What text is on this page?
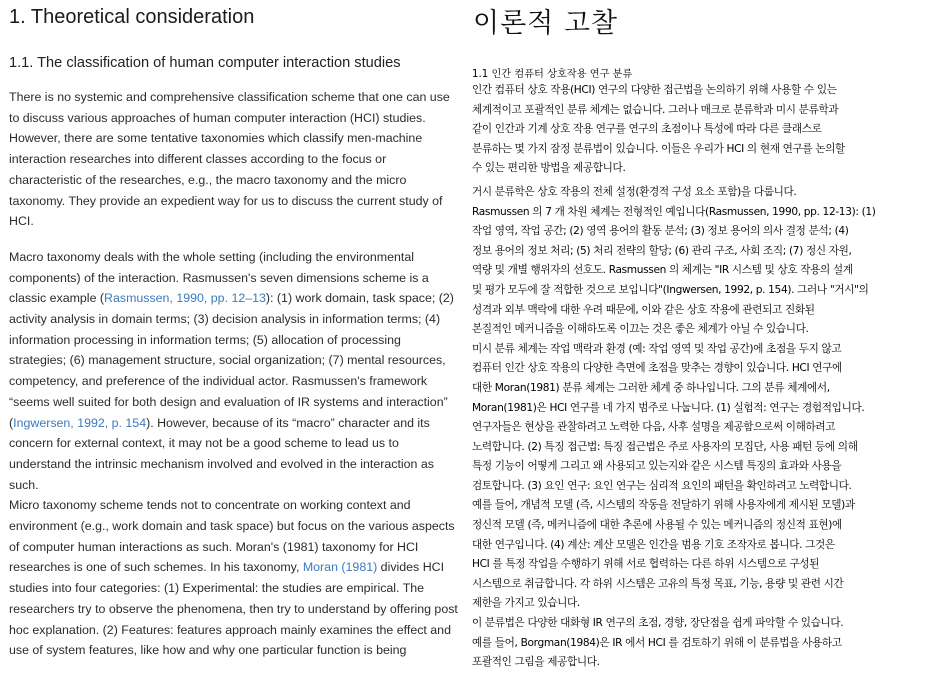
1. Theoretical consideration
1.1. The classification of human computer interaction studies

There is no systemic and comprehensive classification scheme that one can use to discuss various approaches of human computer interaction (HCI) studies. However, there are some tentative taxonomies which classify men-machine interaction researches into different classes according to the focus or characteristic of the researches, e.g., the macro taxonomy and the micro taxonomy. They provide an expedient way for us to discuss the current study of HCI.

Macro taxonomy deals with the whole setting (including the environmental components) of the interaction. Rasmussen's seven dimensions scheme is a classic example (Rasmussen, 1990, pp. 12–13): (1) work domain, task space; (2) activity analysis in domain terms; (3) decision analysis in information terms; (4) information processing in information terms; (5) allocation of processing strategies; (6) management structure, social organization; (7) mental resources, competency, and preference of the individual actor. Rasmussen's framework “seems well suited for both design and evaluation of IR systems and interaction” (Ingwersen, 1992, p. 154). However, because of its “macro” character and its concern for external context, it may not be a good scheme to lead us to understand the intrinsic mechanism involved and evolved in the interaction as such.

Micro taxonomy scheme tends not to concentrate on working context and environment (e.g., work domain and task space) but focus on the various aspects of computer human interactions as such. Moran's (1981) taxonomy for HCI researches is one of such schemes. In his taxonomy, Moran (1981) divides HCI studies into four categories: (1) Experimental: the studies are empirical. The researchers try to observe the phenomena, then try to understand by offering post hoc explanation. (2) Features: features approach mainly examines the effect and use of system features, like how and why one particular function is being

이론적 고찰
1.1 인간 컴퓨터 상호작용 연구 분류
인간 컴퓨터 상호 작용(HCI) 연구의 다양한 접근법을 논의하기 위해 사용할 수 있는
체계적이고 포괄적인 분류 체계는 없습니다. 그러나 매크로 분류학과 미시 분류학과
같이 인간과 기계 상호 작용 연구를 연구의 초점이나 특성에 따라 다른 클래스로
분류하는 몇 가지 잠정 분류법이 있습니다. 이들은 우리가 HCI 의 현재 연구를 논의할
수 있는 편리한 방법을 제공합니다.
거시 분류학은 상호 작용의 전체 설정(환경적 구성 요소 포함)을 다룹니다.
Rasmussen 의 7 개 차원 체계는 전형적인 예입니다(Rasmussen, 1990, pp. 12-13): (1)
작업 영역, 작업 공간; (2) 영역 용어의 활동 분석; (3) 정보 용어의 의사 결정 분석; (4)
정보 용어의 정보 처리; (5) 처리 전략의 할당; (6) 관리 구조, 사회 조직; (7) 정신 자원,
역량 및 개별 행위자의 선호도. Rasmussen 의 체계는 "IR 시스템 및 상호 작용의 설계
및 평가 모두에 잘 적합한 것으로 보입니다"(Ingwersen, 1992, p. 154). 그러나 "거시"의
성격과 외부 맥락에 대한 우려 때문에, 이와 같은 상호 작용에 관련되고 진화된
본질적인 메커니즘을 이해하도록 이끄는 것은 좋은 체계가 아닐 수 있습니다.
미시 분류 체계는 작업 맥락과 환경 (예: 작업 영역 및 작업 공간)에 초점을 두지 않고
컴퓨터 인간 상호 작용의 다양한 측면에 초점을 맞추는 경향이 있습니다. HCI 연구에
대한 Moran(1981) 분류 체계는 그러한 체계 중 하나입니다. 그의 분류 체계에서,
Moran(1981)은 HCI 연구를 네 가지 범주로 나눕니다. (1) 실험적: 연구는 경험적입니다.
연구자들은 현상을 관찰하려고 노력한 다음, 사후 설명을 제공함으로써 이해하려고
노력합니다. (2) 특징 접근법: 특징 접근법은 주로 사용자의 모집단, 사용 패턴 등에 의해
특정 기능이 어떻게 그리고 왜 사용되고 있는지와 같은 시스템 특징의 효과와 사용을
검토합니다. (3) 요인 연구: 요인 연구는 심리적 요인의 패턴을 확인하려고 노력합니다.
예를 들어, 개념적 모델 (즉, 시스템의 작동을 전달하기 위해 사용자에게 제시된 모델)과
정신적 모델 (즉, 메커니즘에 대한 추론에 사용될 수 있는 메커니즘의 정신적 표현)에
대한 연구입니다. (4) 계산: 계산 모델은 인간을 범용 기호 조작자로 봅니다. 그것은
HCI 를 특정 작업을 수행하기 위해 서로 협력하는 다른 하위 시스템으로 구성된
시스템으로 취급합니다. 각 하위 시스템은 고유의 특정 목표, 기능, 용량 및 관련 시간
제한을 가지고 있습니다.
이 분류법은 다양한 대화형 IR 연구의 초점, 경향, 장단점을 쉽게 파악할 수 있습니다.
예를 들어, Borgman(1984)은 IR 에서 HCI 를 검토하기 위해 이 분류법을 사용하고
포괄적인 그림을 제공합니다.
